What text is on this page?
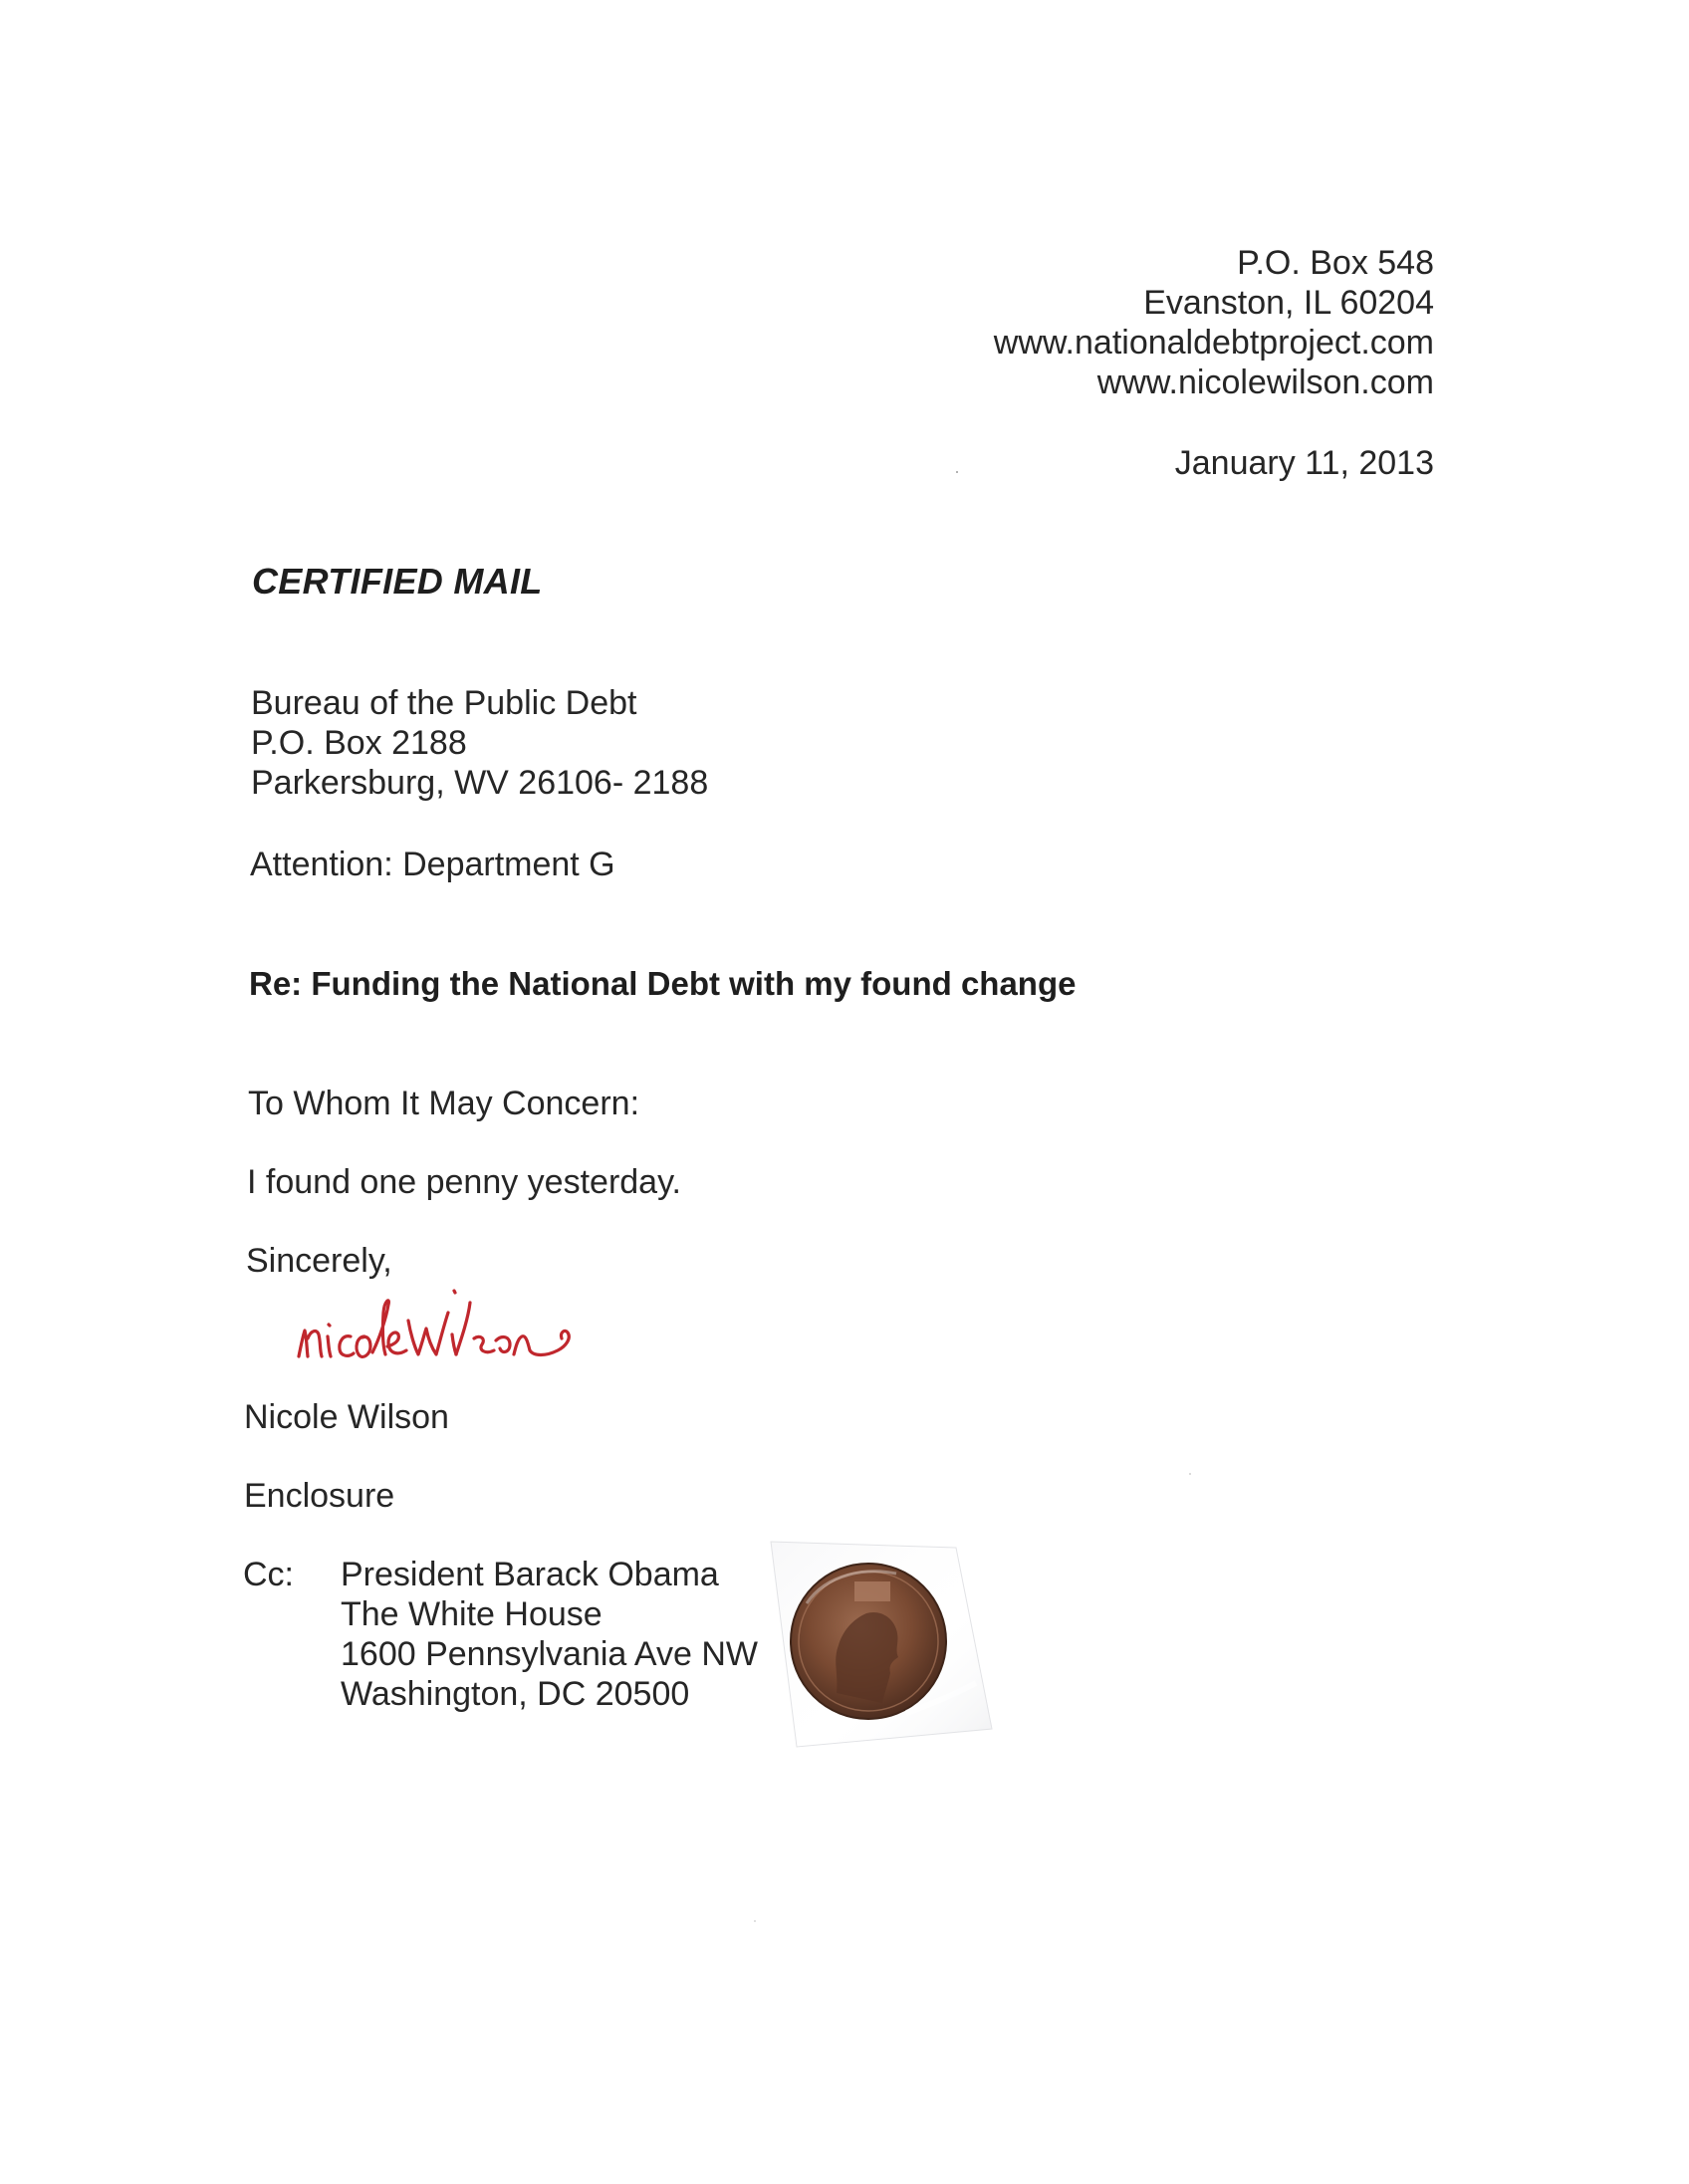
P.O. Box 548
Evanston, IL 60204
www.nationaldebtproject.com
www.nicolewilson.com
January 11, 2013
CERTIFIED MAIL
Bureau of the Public Debt
P.O. Box 2188
Parkersburg, WV 26106- 2188
Attention: Department G
Re: Funding the National Debt with my found change
To Whom It May Concern:
I found one penny yesterday.
Sincerely,
Nicole Wilson
Enclosure
Cc: President Barack Obama
The White House
1600 Pennsylvania Ave NW
Washington, DC 20500
